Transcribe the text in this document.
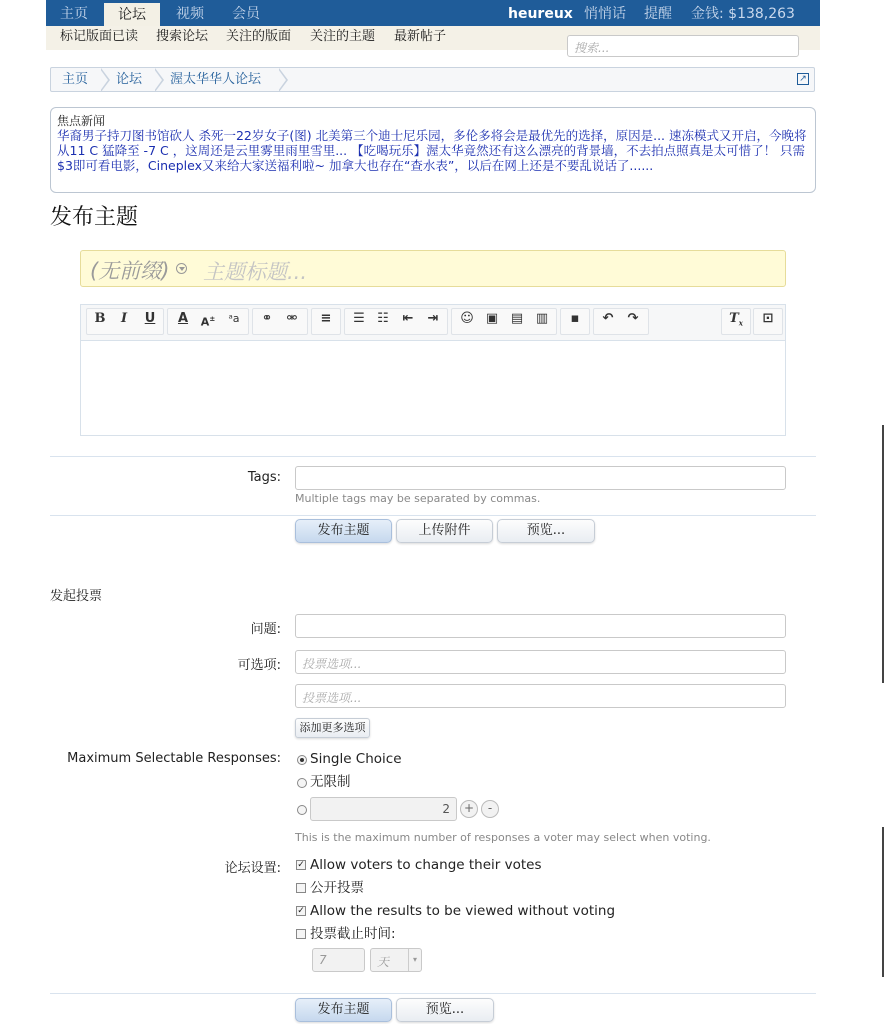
主页	论坛	视频	会员	heureux 悄悄话 提醒 金钱: $138,263
标记版面已读 搜索论坛 关注的版面 关注的主题 最新帖子
搜索...
主页 论坛 渥太华华人论坛	↗
焦点新闻
华裔男子持刀图书馆砍人 杀死一22岁女子(图) 北美第三个迪士尼乐园，多伦多将会是最优先的选择，原因是... 速冻模式又开启，今晚将从11 C 猛降至 -7 C ，这周还是云里雾里雨里雪里... 【吃喝玩乐】渥太华竟然还有这么漂亮的背景墙，不去拍点照真是太可惜了！ 只需$3即可看电影，Cineplex又来给大家送福利啦~ 加拿大也存在“查水表”，以后在网上还是不要乱说话了......
发布主题
(无前缀) 主题标题...
B	I	U	A	A±	ᵃa	⚭	⚮	≡	☰ ☷	⇤	⇥	☺ ▣ ▤ ▥	▪	↶	↷	$T_x$	⊡
Tags:
Multiple tags may be separated by commas.
发布主题	上传附件	预览...
发起投票
问题:
可选项:	投票选项...
投票选项...
添加更多选项
Maximum Selectable Responses: Single Choice
无限制
2	+	-
This is the maximum number of responses a voter may select when voting.
论坛设置: ✓ Allow voters to change their votes
公开投票
✓ Allow the results to be viewed without voting
投票截止时间:
7	天	▾
发布主题	预览...
